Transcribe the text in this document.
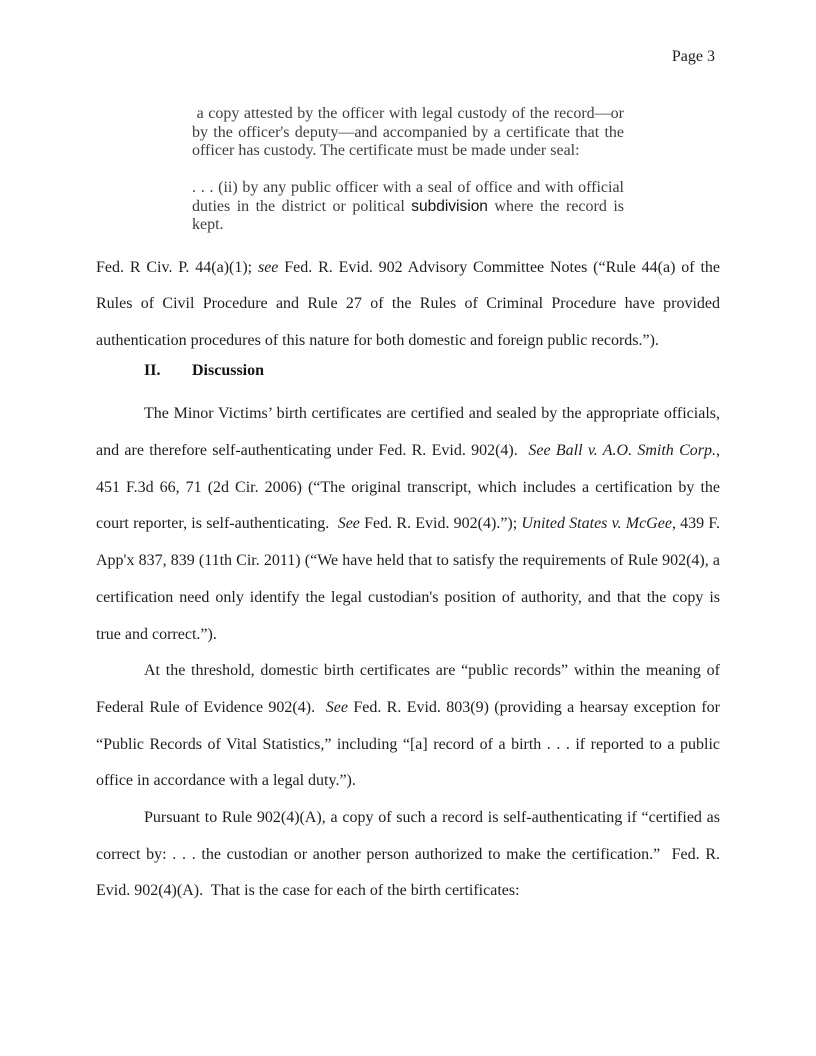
Page 3
a copy attested by the officer with legal custody of the record—or by the officer's deputy—and accompanied by a certificate that the officer has custody. The certificate must be made under seal:
. . . (ii) by any public officer with a seal of office and with official duties in the district or political subdivision where the record is kept.

Fed. R Civ. P. 44(a)(1); see Fed. R. Evid. 902 Advisory Committee Notes (“Rule 44(a) of the Rules of Civil Procedure and Rule 27 of the Rules of Criminal Procedure have provided authentication procedures of this nature for both domestic and foreign public records.”).

II. Discussion

The Minor Victims’ birth certificates are certified and sealed by the appropriate officials, and are therefore self-authenticating under Fed. R. Evid. 902(4).  See Ball v. A.O. Smith Corp., 451 F.3d 66, 71 (2d Cir. 2006) (“The original transcript, which includes a certification by the court reporter, is self-authenticating.  See Fed. R. Evid. 902(4).”); United States v. McGee, 439 F. App'x 837, 839 (11th Cir. 2011) (“We have held that to satisfy the requirements of Rule 902(4), a certification need only identify the legal custodian's position of authority, and that the copy is true and correct.”).

At the threshold, domestic birth certificates are “public records” within the meaning of Federal Rule of Evidence 902(4).  See Fed. R. Evid. 803(9) (providing a hearsay exception for “Public Records of Vital Statistics,” including “[a] record of a birth . . . if reported to a public office in accordance with a legal duty.”).

Pursuant to Rule 902(4)(A), a copy of such a record is self-authenticating if “certified as correct by: . . . the custodian or another person authorized to make the certification.”  Fed. R. Evid. 902(4)(A).  That is the case for each of the birth certificates:
